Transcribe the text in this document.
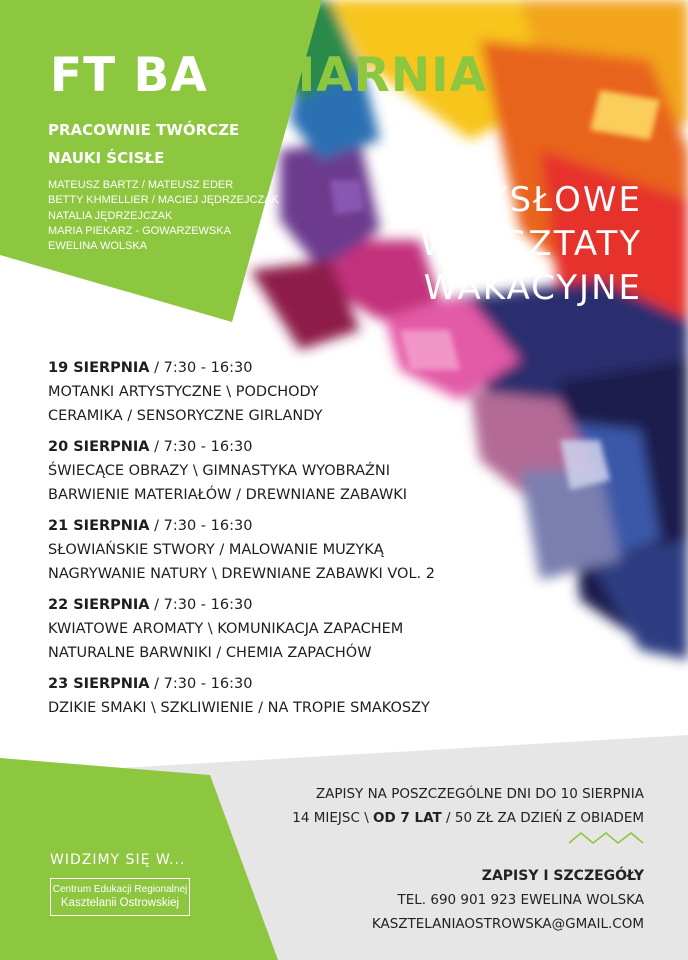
FT BARWIARNIA

PRACOWNIE TWÓRCZE

NAUKI ŚCISŁE

MATEUSZ BARTZ / MATEUSZ EDER
BETTY KHMELLIER / MACIEJ JĘDRZEJCZAK
NATALIA JĘDRZEJCZAK
MARIA PIEKARZ - GOWARZEWSKA
EWELINA WOLSKA
ZMYSŁOWE
WARSZTATY
WAKACYJNE
19 SIERPNIA / 7:30 - 16:30
MOTANKI ARTYSTYCZNE \ PODCHODY
CERAMIKA / SENSORYCZNE GIRLANDY
20 SIERPNIA / 7:30 - 16:30
ŚWIECĄCE OBRAZY \ GIMNASTYKA WYOBRAŹNI
BARWIENIE MATERIAŁÓW / DREWNIANE ZABAWKI
21 SIERPNIA / 7:30 - 16:30
SŁOWIAŃSKIE STWORY / MALOWANIE MUZYKĄ
NAGRYWANIE NATURY \ DREWNIANE ZABAWKI VOL. 2
22 SIERPNIA / 7:30 - 16:30
KWIATOWE AROMATY \ KOMUNIKACJA ZAPACHEM
NATURALNE BARWNIKI / CHEMIA ZAPACHÓW
23 SIERPNIA / 7:30 - 16:30
DZIKIE SMAKI \ SZKLIWIENIE / NA TROPIE SMAKOSZY
ZAPISY NA POSZCZEGÓLNE DNI DO 10 SIERPNIA
14 MIEJSC \ OD 7 LAT / 50 ZŁ ZA DZIEŃ Z OBIADEM
ZAPISY I SZCZEGÓŁY
TEL. 690 901 923 EWELINA WOLSKA
KASZTELANIAOSTROWSKA@GMAIL.COM

WIDZIMY SIĘ W...

Centrum Edukacji Regionalnej
Kasztelanii Ostrowskiej
